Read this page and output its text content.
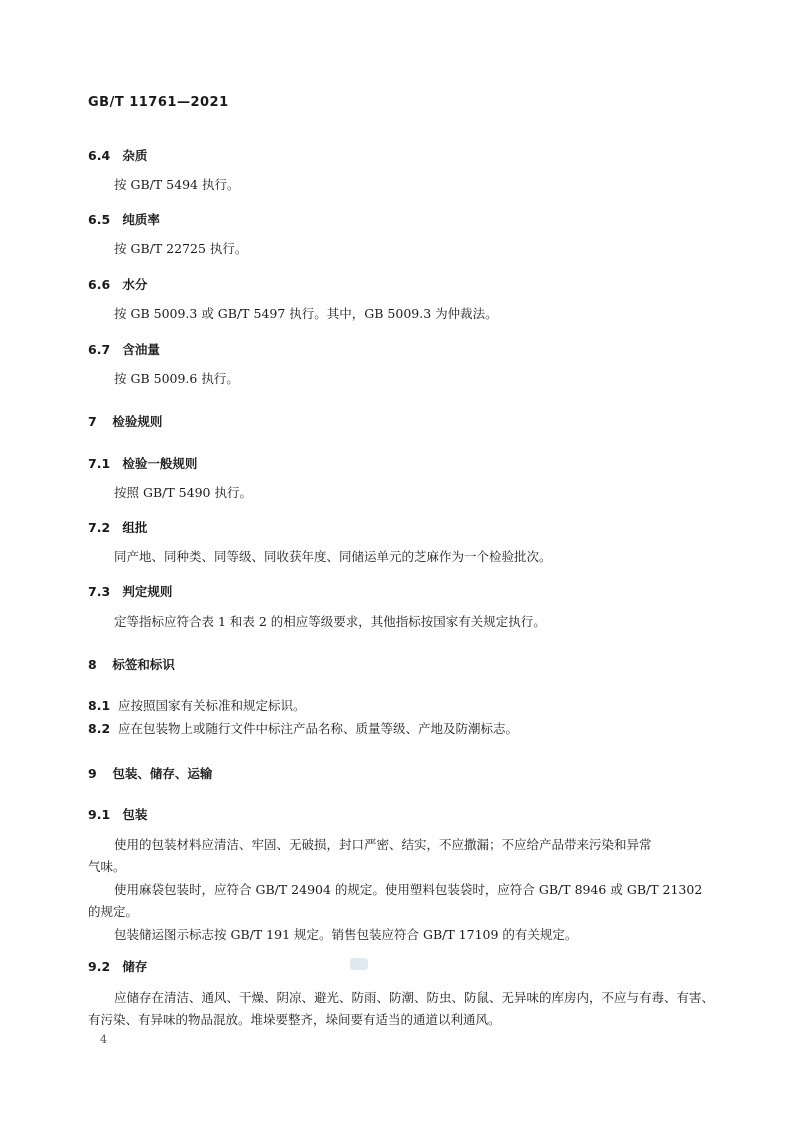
GB/T 11761—2021
6.4 杂质
按 GB/T 5494 执行。
6.5 纯质率
按 GB/T 22725 执行。
6.6 水分
按 GB 5009.3 或 GB/T 5497 执行。其中，GB 5009.3 为仲裁法。
6.7 含油量
按 GB 5009.6 执行。
7 检验规则
7.1 检验一般规则
按照 GB/T 5490 执行。
7.2 组批
同产地、同种类、同等级、同收获年度、同储运单元的芝麻作为一个检验批次。
7.3 判定规则
定等指标应符合表 1 和表 2 的相应等级要求，其他指标按国家有关规定执行。
8 标签和标识
8.1 应按照国家有关标准和规定标识。
8.2 应在包装物上或随行文件中标注产品名称、质量等级、产地及防潮标志。
9 包装、储存、运输
9.1 包装
使用的包装材料应清洁、牢固、无破损，封口严密、结实，不应撒漏；不应给产品带来污染和异常
气味。
使用麻袋包装时，应符合 GB/T 24904 的规定。使用塑料包装袋时，应符合 GB/T 8946 或 GB/T 21302
的规定。
包装储运图示标志按 GB/T 191 规定。销售包装应符合 GB/T 17109 的有关规定。
9.2 储存
应储存在清洁、通风、干燥、阴凉、避光、防雨、防潮、防虫、防鼠、无异味的库房内，不应与有毒、有害、
有污染、有异味的物品混放。堆垛要整齐，垛间要有适当的通道以利通风。
4
